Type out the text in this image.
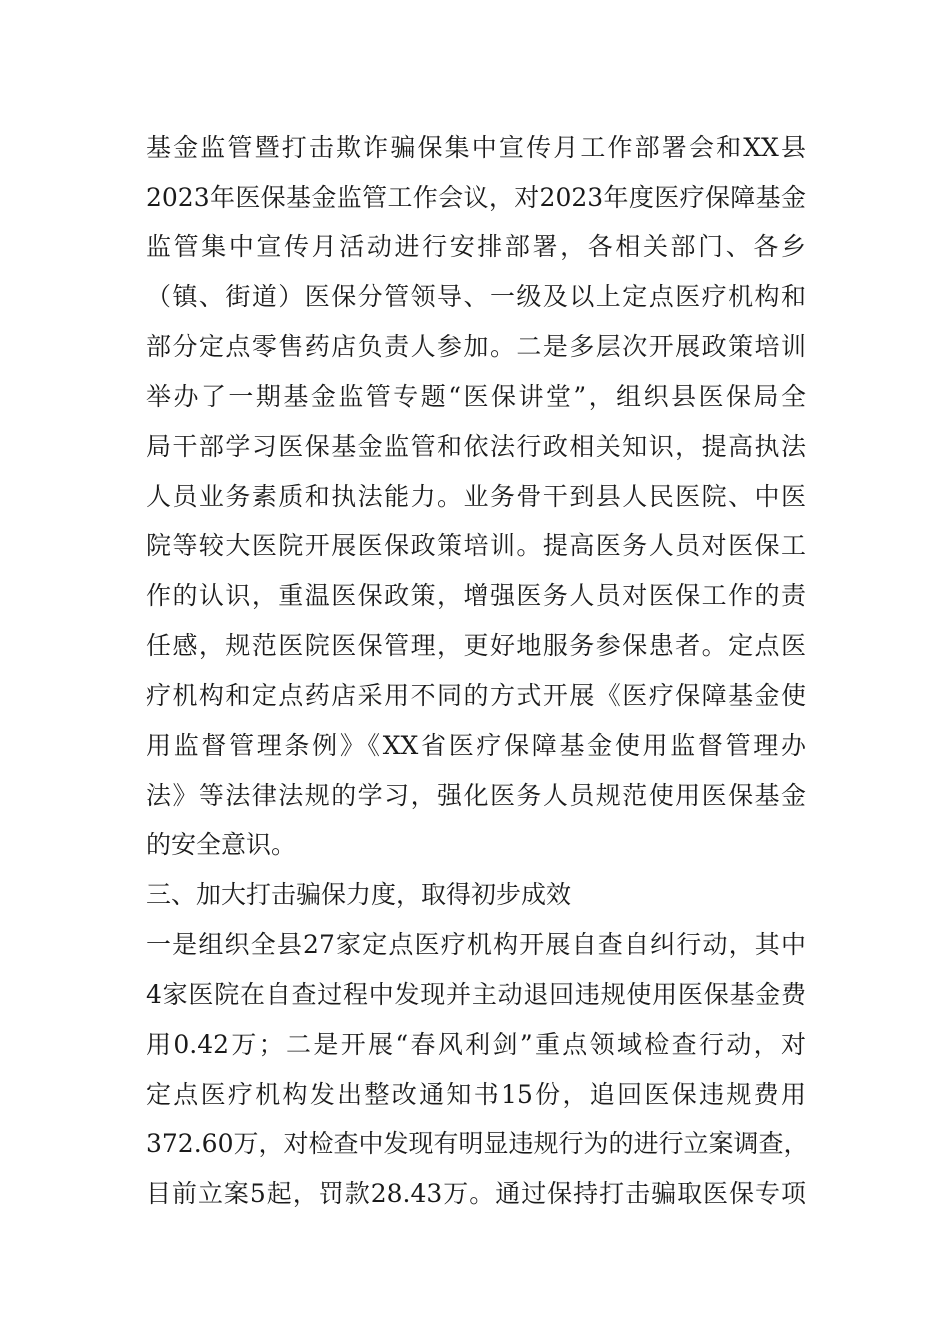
基金监管暨打击欺诈骗保集中宣传月工作部署会和XX县
2023年医保基金监管工作会议，对2023年度医疗保障基金
监管集中宣传月活动进行安排部署，各相关部门、各乡
（镇、街道）医保分管领导、一级及以上定点医疗机构和
部分定点零售药店负责人参加。二是多层次开展政策培训
举办了一期基金监管专题“医保讲堂”，组织县医保局全
局干部学习医保基金监管和依法行政相关知识，提高执法
人员业务素质和执法能力。业务骨干到县人民医院、中医
院等较大医院开展医保政策培训。提高医务人员对医保工
作的认识，重温医保政策，增强医务人员对医保工作的责
任感，规范医院医保管理，更好地服务参保患者。定点医
疗机构和定点药店采用不同的方式开展《医疗保障基金使
用监督管理条例》《XX省医疗保障基金使用监督管理办
法》等法律法规的学习，强化医务人员规范使用医保基金
的安全意识。
三、加大打击骗保力度，取得初步成效
一是组织全县27家定点医疗机构开展自查自纠行动，其中
4家医院在自查过程中发现并主动退回违规使用医保基金费
用0.42万；二是开展“春风利剑”重点领域检查行动，对
定点医疗机构发出整改通知书15份，追回医保违规费用
372.60万，对检查中发现有明显违规行为的进行立案调查，
目前立案5起，罚款28.43万。通过保持打击骗取医保专项
